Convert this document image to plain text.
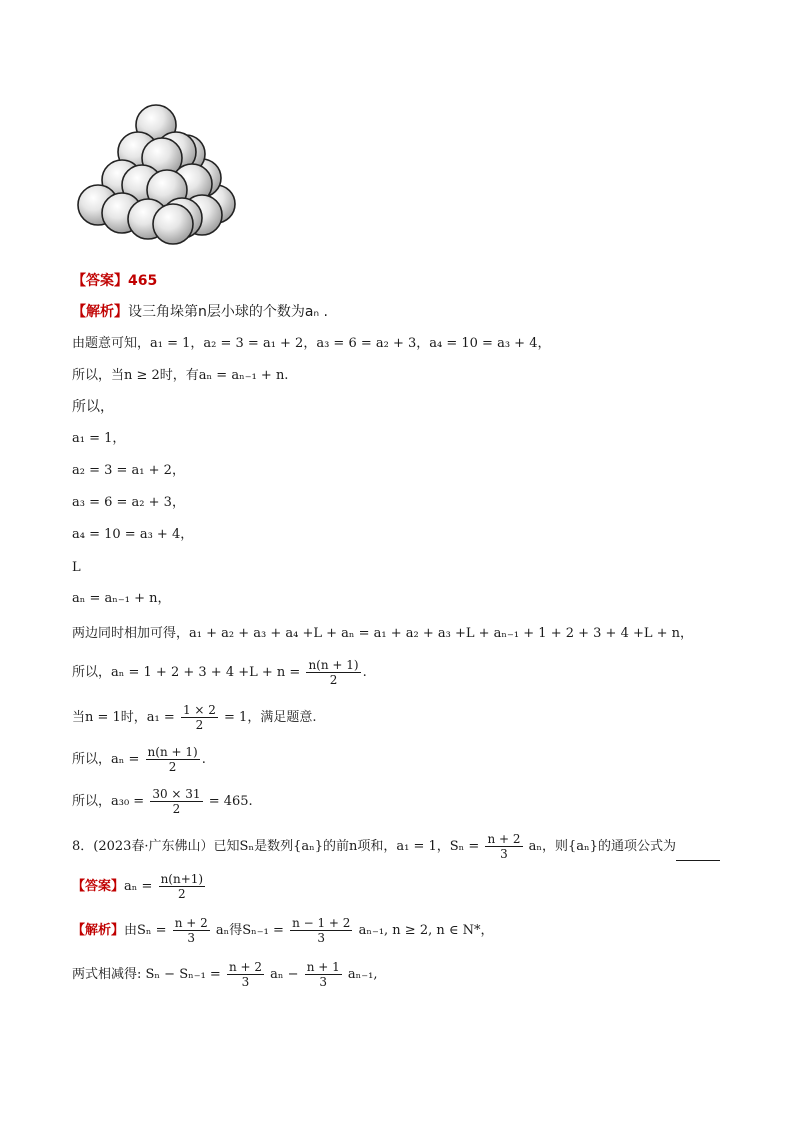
【答案】465
【解析】设三角垛第n层小球的个数为aₙ .
由题意可知，a₁ = 1，a₂ = 3 = a₁ + 2，a₃ = 6 = a₂ + 3，a₄ = 10 = a₃ + 4，
所以，当n ≥ 2时，有aₙ = aₙ₋₁ + n.
所以，
a₁ = 1，
a₂ = 3 = a₁ + 2，
a₃ = 6 = a₂ + 3，
a₄ = 10 = a₃ + 4，
L
aₙ = aₙ₋₁ + n，
两边同时相加可得，a₁ + a₂ + a₃ + a₄ +L + aₙ = a₁ + a₂ + a₃ +L + aₙ₋₁ + 1 + 2 + 3 + 4 +L + n，
所以，$a_n = 1 + 2 + 3 + 4 +L + n = \frac{n(n + 1)}{2}$ .
当n = 1时，$a_1 = \frac{1 \times 2}{2} = 1$，满足题意.
所以，$a_n = \frac{n(n + 1)}{2}$ .
所以，$a_{30} = \frac{30 \times 31}{2} = 465$.
8．(2023春·广东佛山）已知Sₙ是数列{aₙ}的前n项和，a₁ = 1，$S_n = \frac{n + 2}{3}$ aₙ，则{aₙ}的通项公式为
【答案】$a_n = \frac{n(n+1)}{2}$
【解析】由$S_n = \frac{n + 2}{3}$ aₙ得$S_{n-1} = \frac{n - 1 + 2}{3} a_{n-1}$, n ≥ 2, n ∈ N*，
两式相减得: $S_n - S_{n-1} = \frac{n + 2}{3}$ $a_n - \frac{n + 1}{3} a_{n-1}$,
